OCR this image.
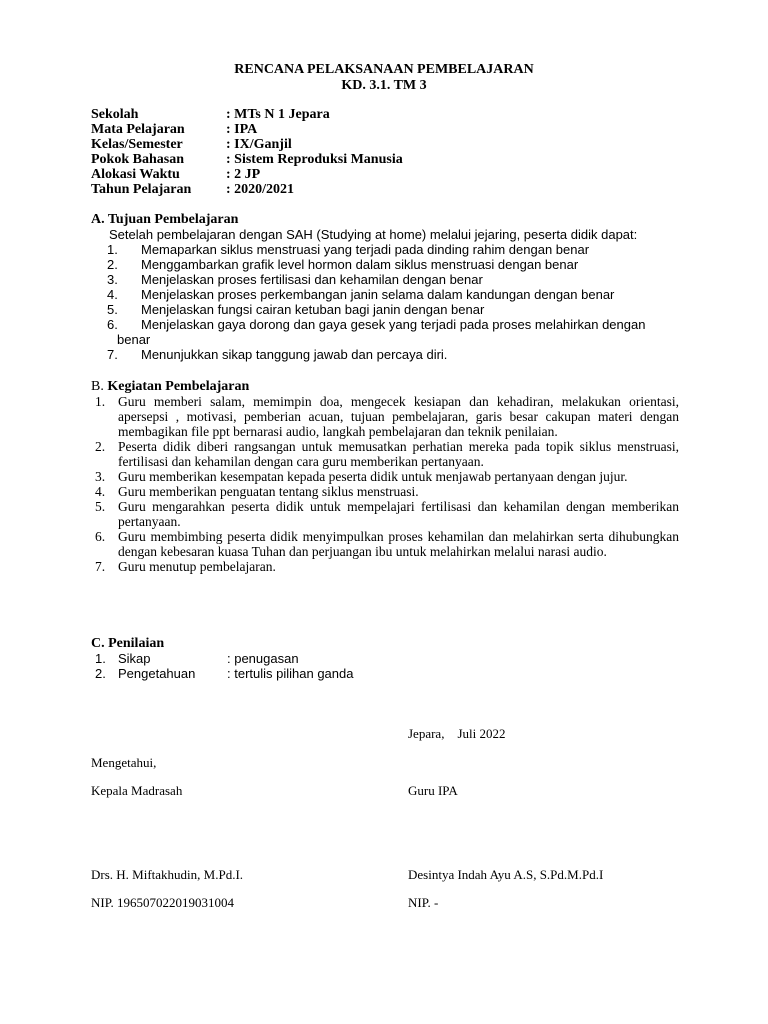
RENCANA PELAKSANAAN PEMBELAJARAN
KD. 3.1. TM 3
Sekolah	: MTs N 1 Jepara
Mata Pelajaran	: IPA
Kelas/Semester	: IX/Ganjil
Pokok Bahasan	: Sistem Reproduksi Manusia
Alokasi Waktu	: 2 JP
Tahun Pelajaran : 2020/2021
A. Tujuan Pembelajaran
Setelah pembelajaran dengan SAH (Studying at home) melalui jejaring, peserta didik dapat:
1.	Memaparkan siklus menstruasi yang terjadi pada dinding rahim dengan benar
2.	Menggambarkan grafik level hormon dalam siklus menstruasi dengan benar
3.	Menjelaskan proses fertilisasi dan kehamilan dengan benar
4.	Menjelaskan proses perkembangan janin selama dalam kandungan dengan benar
5.	Menjelaskan fungsi cairan ketuban bagi janin dengan benar
6.	Menjelaskan gaya dorong dan gaya gesek yang terjadi pada proses melahirkan dengan benar
7.	Menunjukkan sikap tanggung jawab dan percaya diri.
B. Kegiatan Pembelajaran
1. Guru memberi salam, memimpin doa, mengecek kesiapan dan kehadiran, melakukan orientasi, apersepsi , motivasi, pemberian acuan, tujuan pembelajaran, garis besar cakupan materi dengan membagikan file ppt bernarasi audio, langkah pembelajaran dan teknik penilaian.
2. Peserta didik diberi rangsangan untuk memusatkan perhatian mereka pada topik siklus menstruasi, fertilisasi dan kehamilan dengan cara guru memberikan pertanyaan.
3. Guru memberikan kesempatan kepada peserta didik untuk menjawab pertanyaan dengan jujur.
4. Guru memberikan penguatan tentang siklus menstruasi.
5. Guru mengarahkan peserta didik untuk mempelajari fertilisasi dan kehamilan dengan memberikan pertanyaan.
6. Guru membimbing peserta didik menyimpulkan proses kehamilan dan melahirkan serta dihubungkan dengan kebesaran kuasa Tuhan dan perjuangan ibu untuk melahirkan melalui narasi audio.
7. Guru menutup pembelajaran.
C. Penilaian
1. Sikap	: penugasan
2. Pengetahuan : tertulis pilihan ganda
Jepara,    Juli 2022
Mengetahui,
Kepala Madrasah	Guru IPA
Drs. H. Miftakhudin, M.Pd.I.	Desintya Indah Ayu A.S, S.Pd.M.Pd.I
NIP. 196507022019031004	NIP. -
